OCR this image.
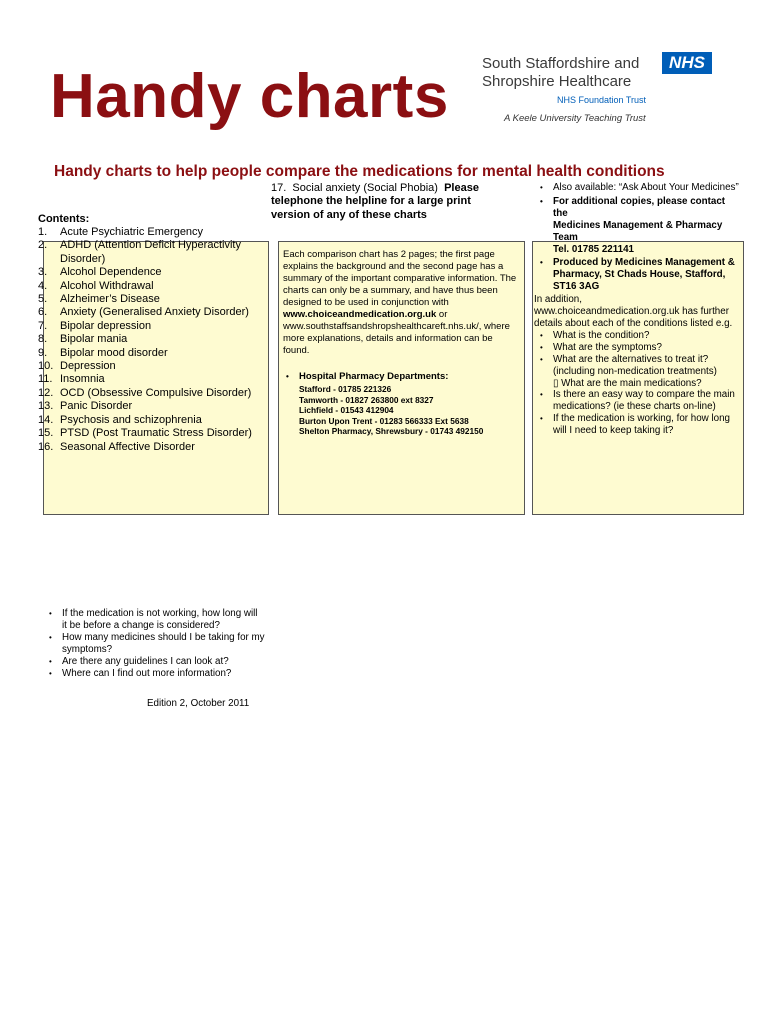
Handy charts South Staffordshire and
Shropshire Healthcare
NHS
NHS Foundation Trust
A Keele University Teaching Trust
Handy charts to help people compare the medications for mental health conditions
Contents:
1. Acute Psychiatric Emergency
2. ADHD (Attention Deficit Hyperactivity Disorder)
3. Alcohol Dependence
4. Alcohol Withdrawal
5. Alzheimer’s Disease
6. Anxiety (Generalised Anxiety Disorder)
7. Bipolar depression
8. Bipolar mania
9. Bipolar mood disorder
10. Depression
11. Insomnia
12. OCD (Obsessive Compulsive Disorder)
13. Panic Disorder
14. Psychosis and schizophrenia
15. PTSD (Post Traumatic Stress Disorder)
16. Seasonal Affective Disorder
17. Social anxiety (Social Phobia) Please telephone the helpline for a large print version of any of these charts
Each comparison chart has 2 pages; the first page explains the background and the second page has a summary of the important comparative information. The charts can only be a summary, and have thus been designed to be used in conjunction with www.choiceandmedication.org.uk or www.southstaffsandshropshealthcareft.nhs.uk/, where more explanations, details and information can be found.
• Hospital Pharmacy Departments:
Stafford - 01785 221326
Tamworth - 01827 263800 ext 8327
Lichfield - 01543 412904
Burton Upon Trent - 01283 566333 Ext 5638
Shelton Pharmacy, Shrewsbury - 01743 492150
• Also available: “Ask About Your Medicines”
• For additional copies, please contact the
Medicines Management & Pharmacy Team
Tel. 01785 221141
• Produced by Medicines Management & Pharmacy, St Chads House, Stafford, ST16 3AG
In addition,
www.choiceandmedication.org.uk has further details about each of the conditions listed e.g.
• What is the condition?
• What are the symptoms?
• What are the alternatives to treat it? (including non-medication treatments)
▯ What are the main medications?
• Is there an easy way to compare the main medications? (ie these charts on-line)
• If the medication is working, for how long will I need to keep taking it?
• If the medication is not working, how long will it be before a change is considered?
• How many medicines should I be taking for my symptoms?
• Are there any guidelines I can look at?
• Where can I find out more information?
Edition 2, October 2011
